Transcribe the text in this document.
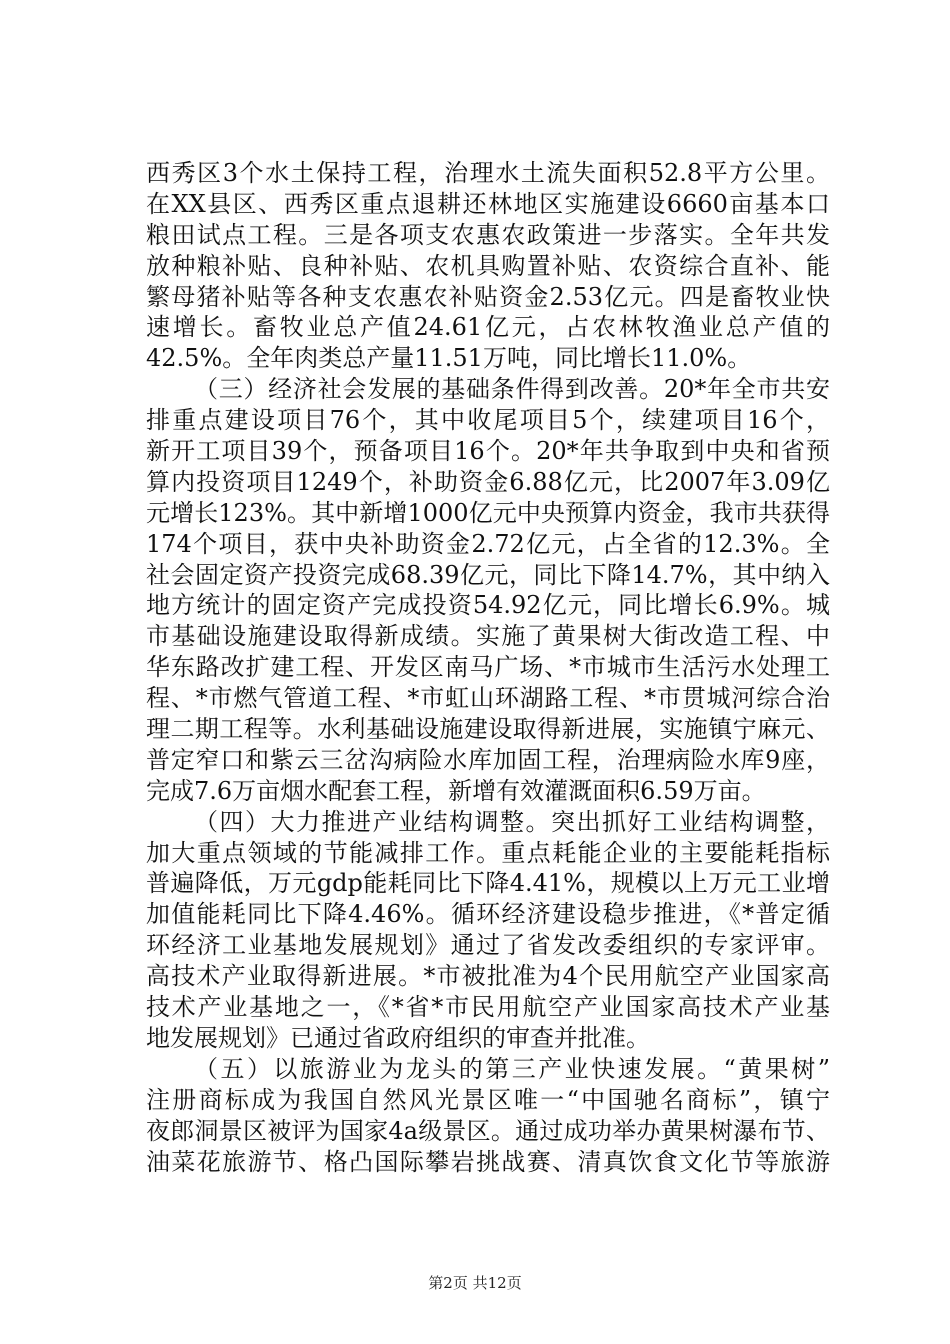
西秀区3个水土保持工程，治理水土流失面积52.8平方公里。
在XX县区、西秀区重点退耕还林地区实施建设6660亩基本口
粮田试点工程。三是各项支农惠农政策进一步落实。全年共发
放种粮补贴、良种补贴、农机具购置补贴、农资综合直补、能
繁母猪补贴等各种支农惠农补贴资金2.53亿元。四是畜牧业快
速增长。畜牧业总产值24.61亿元，占农林牧渔业总产值的
42.5%。全年肉类总产量11.51万吨，同比增长11.0%。
（三）经济社会发展的基础条件得到改善。20*年全市共安
排重点建设项目76个，其中收尾项目5个，续建项目16个，
新开工项目39个，预备项目16个。20*年共争取到中央和省预
算内投资项目1249个，补助资金6.88亿元，比2007年3.09亿
元增长123%。其中新增1000亿元中央预算内资金，我市共获得
174个项目，获中央补助资金2.72亿元，占全省的12.3%。全
社会固定资产投资完成68.39亿元，同比下降14.7%，其中纳入
地方统计的固定资产完成投资54.92亿元，同比增长6.9%。城
市基础设施建设取得新成绩。实施了黄果树大街改造工程、中
华东路改扩建工程、开发区南马广场、*市城市生活污水处理工
程、*市燃气管道工程、*市虹山环湖路工程、*市贯城河综合治
理二期工程等。水利基础设施建设取得新进展，实施镇宁麻元、
普定窄口和紫云三岔沟病险水库加固工程，治理病险水库9座，
完成7.6万亩烟水配套工程，新增有效灌溉面积6.59万亩。
（四）大力推进产业结构调整。突出抓好工业结构调整，
加大重点领域的节能减排工作。重点耗能企业的主要能耗指标
普遍降低，万元gdp能耗同比下降4.41%，规模以上万元工业增
加值能耗同比下降4.46%。循环经济建设稳步推进，《*普定循
环经济工业基地发展规划》通过了省发改委组织的专家评审。
高技术产业取得新进展。*市被批准为4个民用航空产业国家高
技术产业基地之一，《*省*市民用航空产业国家高技术产业基
地发展规划》已通过省政府组织的审查并批准。
（五）以旅游业为龙头的第三产业快速发展。“黄果树”
注册商标成为我国自然风光景区唯一“中国驰名商标”，镇宁
夜郎洞景区被评为国家4a级景区。通过成功举办黄果树瀑布节、
油菜花旅游节、格凸国际攀岩挑战赛、清真饮食文化节等旅游
第2页 共12页
